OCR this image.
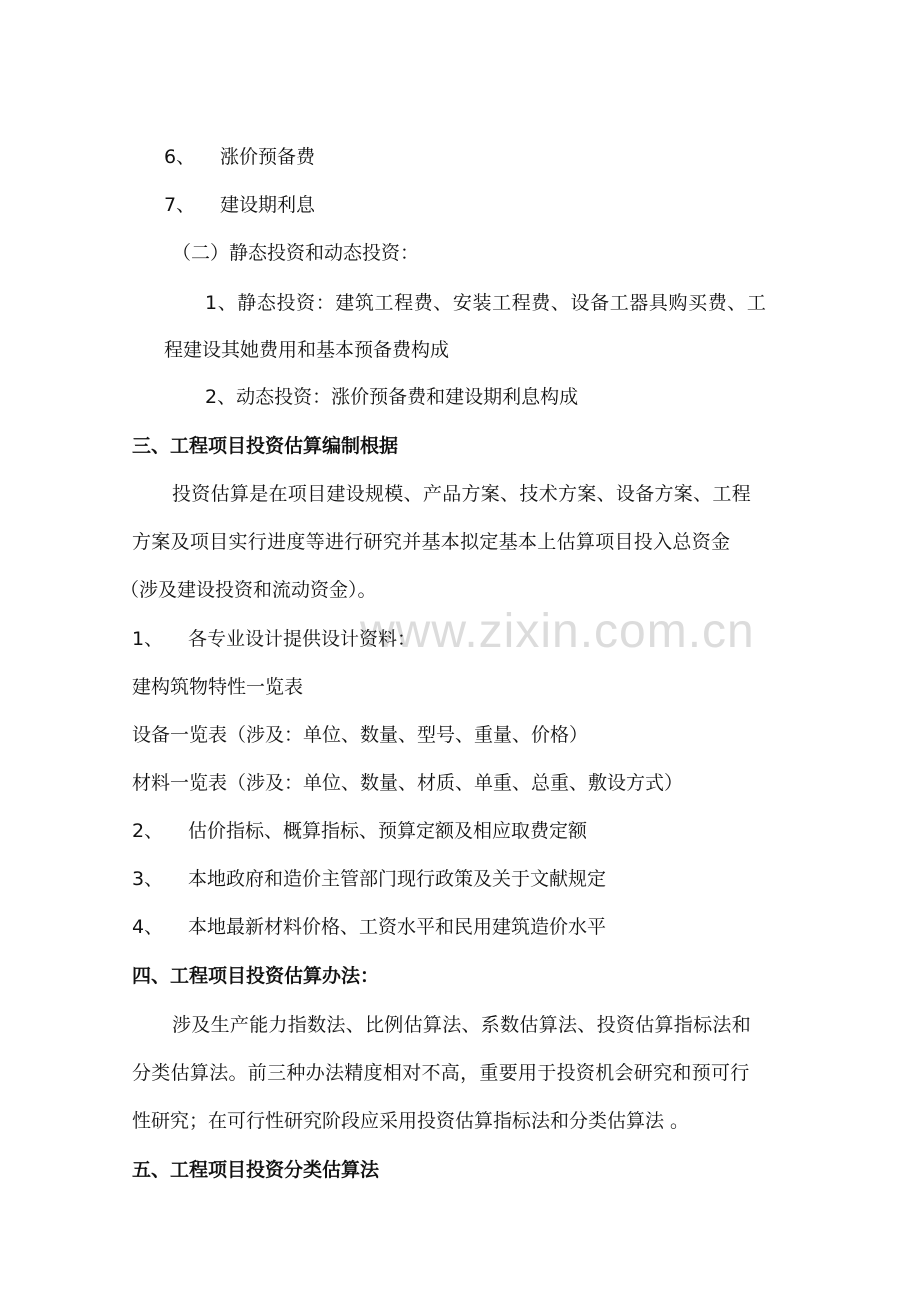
www.zixin.com.cn
6、 涨价预备费
7、 建设期利息
（二）静态投资和动态投资：
1、静态投资：建筑工程费、安装工程费、设备工器具购买费、工
程建设其她费用和基本预备费构成
2、动态投资：涨价预备费和建设期利息构成
三、工程项目投资估算编制根据
投资估算是在项目建设规模、产品方案、技术方案、设备方案、工程
方案及项目实行进度等进行研究并基本拟定基本上估算项目投入总资金
（涉及建设投资和流动资金）。
1、 各专业设计提供设计资料：
建构筑物特性一览表
设备一览表（涉及：单位、数量、型号、重量、价格）
材料一览表（涉及：单位、数量、材质、单重、总重、敷设方式）
2、 估价指标、概算指标、预算定额及相应取费定额
3、 本地政府和造价主管部门现行政策及关于文献规定
4、 本地最新材料价格、工资水平和民用建筑造价水平
四、工程项目投资估算办法：
涉及生产能力指数法、比例估算法、系数估算法、投资估算指标法和
分类估算法。前三种办法精度相对不高，重要用于投资机会研究和预可行
性研究；在可行性研究阶段应采用投资估算指标法和分类估算法 。
五、工程项目投资分类估算法
